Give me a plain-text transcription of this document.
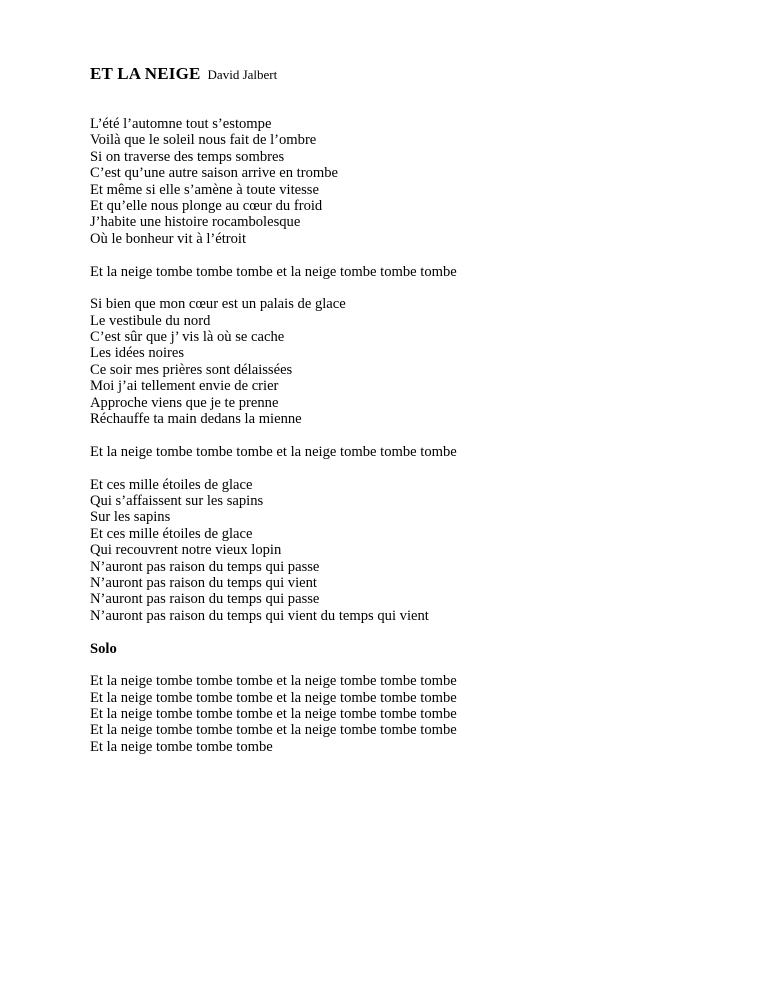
ET LA NEIGE David Jalbert
L’été l’automne tout s’estompe
Voilà que le soleil nous fait de l’ombre
Si on traverse des temps sombres
C’est qu’une autre saison arrive en trombe
Et même si elle s’amène à toute vitesse
Et qu’elle nous plonge au cœur du froid
J’habite une histoire rocambolesque
Où le bonheur vit à l’étroit
Et la neige tombe tombe tombe et la neige tombe tombe tombe
Si bien que mon cœur est un palais de glace
Le vestibule du nord
C’est sûr que j’ vis là où se cache
Les idées noires
Ce soir mes prières sont délaissées
Moi j’ai tellement envie de crier
Approche viens que je te prenne
Réchauffe ta main dedans la mienne
Et la neige tombe tombe tombe et la neige tombe tombe tombe
Et ces mille étoiles de glace
Qui s’affaissent sur les sapins
Sur les sapins
Et ces mille étoiles de glace
Qui recouvrent notre vieux lopin
N’auront pas raison du temps qui passe
N’auront pas raison du temps qui vient
N’auront pas raison du temps qui passe
N’auront pas raison du temps qui vient du temps qui vient
Solo
Et la neige tombe tombe tombe et la neige tombe tombe tombe
Et la neige tombe tombe tombe et la neige tombe tombe tombe
Et la neige tombe tombe tombe et la neige tombe tombe tombe
Et la neige tombe tombe tombe et la neige tombe tombe tombe
Et la neige tombe tombe tombe
